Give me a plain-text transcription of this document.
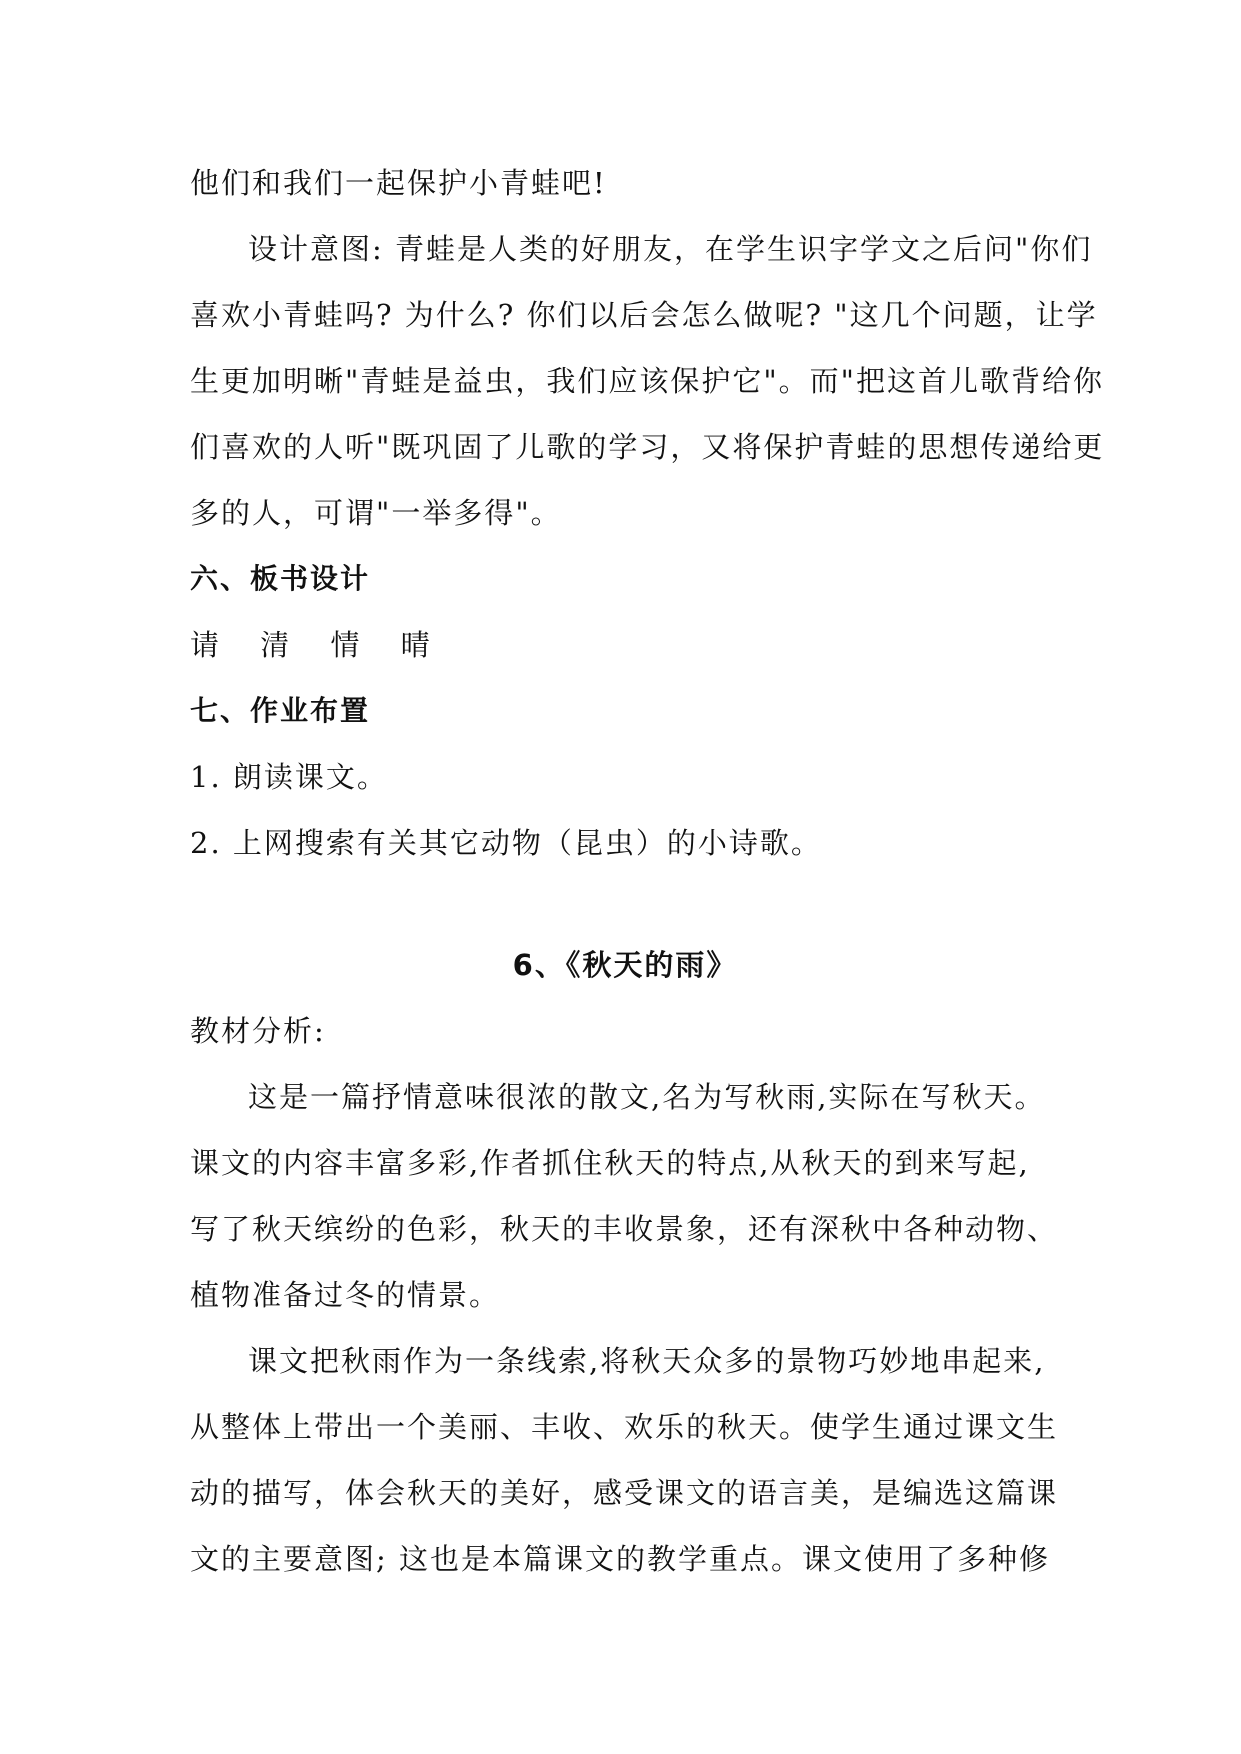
他们和我们一起保护小青蛙吧!
设计意图: 青蛙是人类的好朋友，在学生识字学文之后问"你们
喜欢小青蛙吗? 为什么? 你们以后会怎么做呢? "这几个问题，让学
生更加明晰"青蛙是益虫，我们应该保护它"。而"把这首儿歌背给你
们喜欢的人听"既巩固了儿歌的学习，又将保护青蛙的思想传递给更
多的人，可谓"一举多得"。
六、板书设计
请 清 情 晴
七、作业布置
1. 朗读课文。
2. 上网搜索有关其它动物（昆虫）的小诗歌。
6、《秋天的雨》
教材分析:
这是一篇抒情意味很浓的散文,名为写秋雨,实际在写秋天。
课文的内容丰富多彩,作者抓住秋天的特点,从秋天的到来写起,
写了秋天缤纷的色彩，秋天的丰收景象，还有深秋中各种动物、
植物准备过冬的情景。
课文把秋雨作为一条线索,将秋天众多的景物巧妙地串起来,
从整体上带出一个美丽、丰收、欢乐的秋天。使学生通过课文生
动的描写，体会秋天的美好，感受课文的语言美，是编选这篇课
文的主要意图; 这也是本篇课文的教学重点。课文使用了多种修
